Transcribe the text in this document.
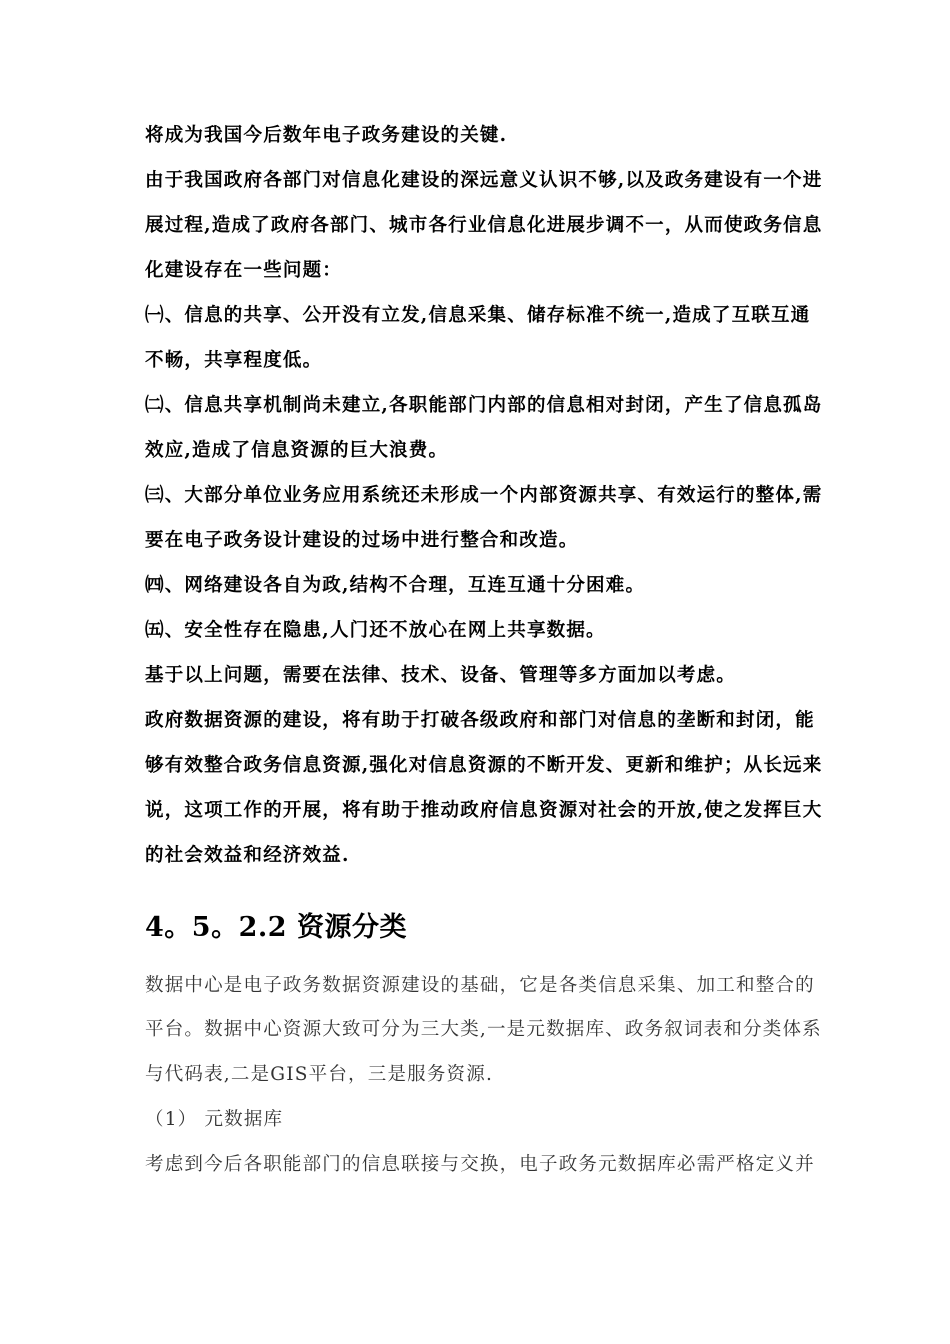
将成为我国今后数年电子政务建设的关键.
由于我国政府各部门对信息化建设的深远意义认识不够,以及政务建设有一个进
展过程,造成了政府各部门、城市各行业信息化进展步调不一，从而使政务信息
化建设存在一些问题：
㈠、信息的共享、公开没有立发,信息采集、储存标准不统一,造成了互联互通
不畅，共享程度低。
㈡、信息共享机制尚未建立,各职能部门内部的信息相对封闭，产生了信息孤岛
效应,造成了信息资源的巨大浪费。
㈢、大部分单位业务应用系统还未形成一个内部资源共享、有效运行的整体,需
要在电子政务设计建设的过场中进行整合和改造。
㈣、网络建设各自为政,结构不合理，互连互通十分困难。
㈤、安全性存在隐患,人门还不放心在网上共享数据。
基于以上问题，需要在法律、技术、设备、管理等多方面加以考虑。
政府数据资源的建设，将有助于打破各级政府和部门对信息的垄断和封闭，能
够有效整合政务信息资源,强化对信息资源的不断开发、更新和维护；从长远来
说，这项工作的开展，将有助于推动政府信息资源对社会的开放,使之发挥巨大
的社会效益和经济效益.
4。5。2.2 资源分类
数据中心是电子政务数据资源建设的基础，它是各类信息采集、加工和整合的
平台。数据中心资源大致可分为三大类,一是元数据库、政务叙词表和分类体系
与代码表,二是GIS平台，三是服务资源.
（1） 元数据库
考虑到今后各职能部门的信息联接与交换，电子政务元数据库必需严格定义并
